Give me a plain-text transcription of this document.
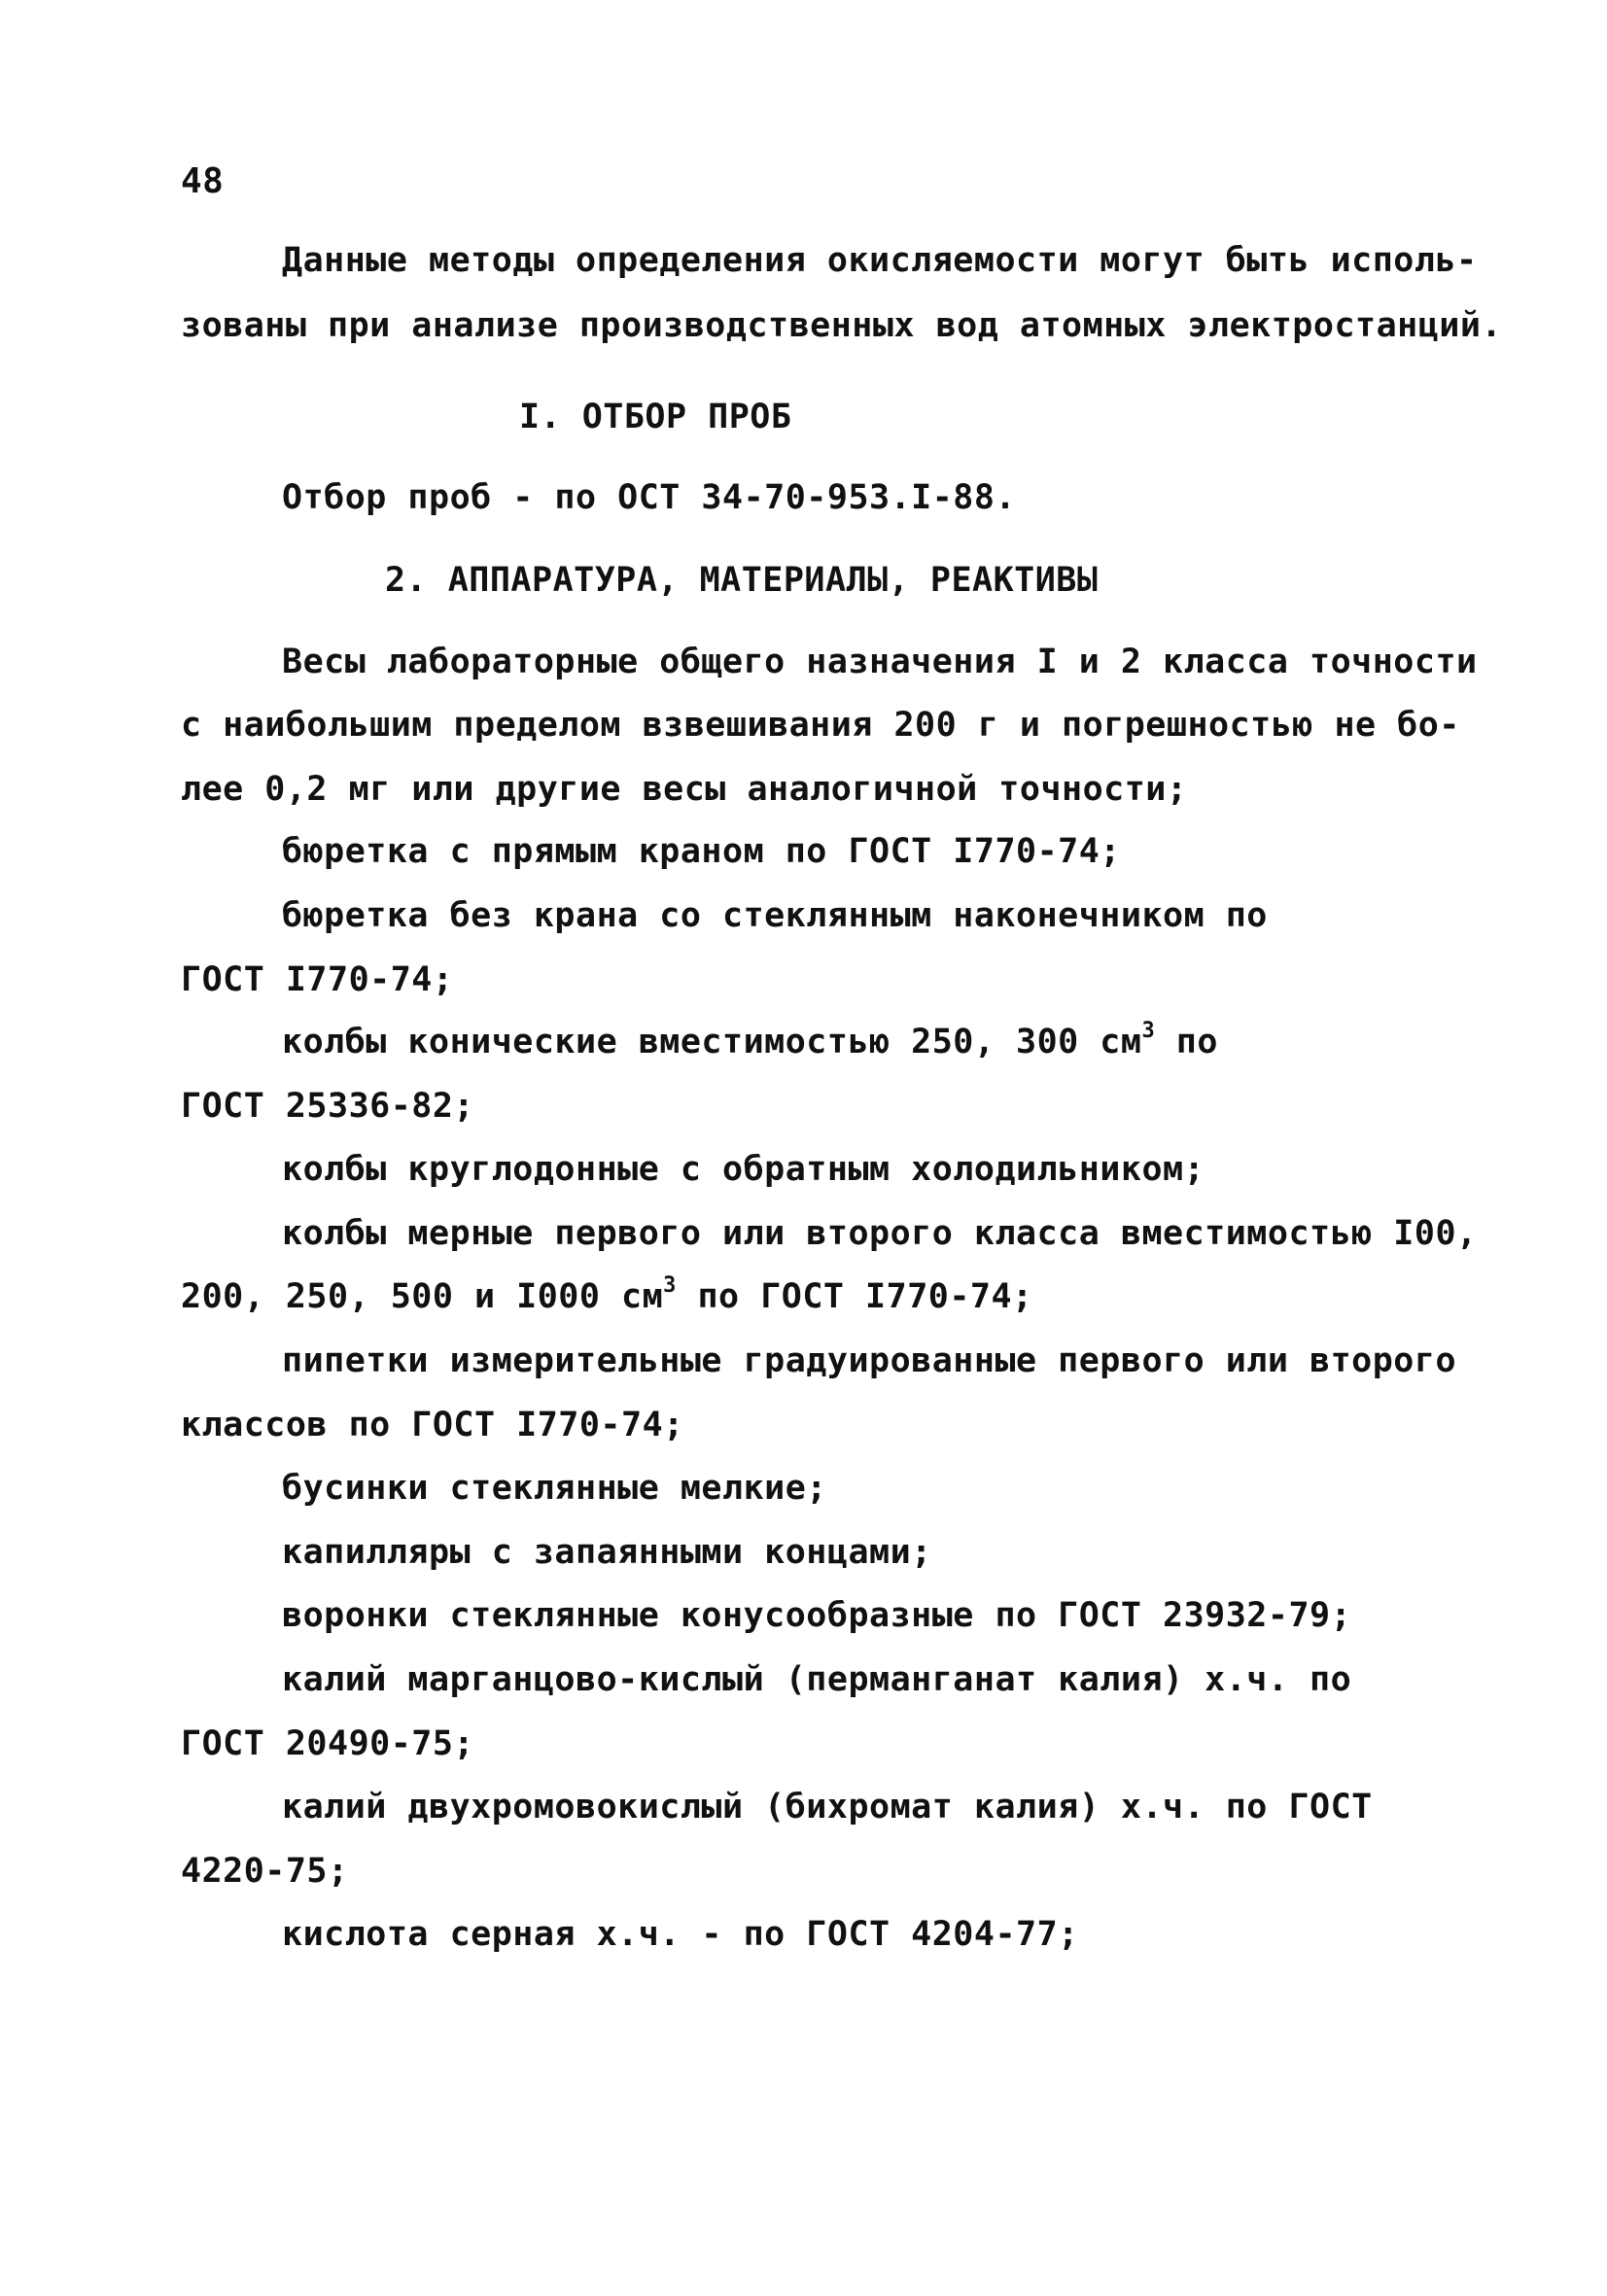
48
Данные методы определения окисляемости могут быть исполь-
зованы при анализе производственных вод атомных электростанций.
I. ОТБОР ПРОБ
Отбор проб - по ОСТ 34-70-953.I-88.
2. АППАРАТУРА, МАТЕРИАЛЫ, РЕАКТИВЫ
Весы лабораторные общего назначения I и 2 класса точности
с наибольшим пределом взвешивания 200 г и погрешностью не бо-
лее 0,2 мг или другие весы аналогичной точности;
бюретка с прямым краном по ГОСТ I770-74;
бюретка без крана со стеклянным наконечником по
ГОСТ I770-74;
колбы конические вместимостью 250, 300 $см^3$ по
ГОСТ 25336-82;
колбы круглодонные с обратным холодильником;
колбы мерные первого или второго класса вместимостью I00,
200, 250, 500 и I000 $см^3$ по ГОСТ I770-74;
пипетки измерительные градуированные первого или второго
классов по ГОСТ I770-74;
бусинки стеклянные мелкие;
капилляры с запаянными концами;
воронки стеклянные конусообразные по ГОСТ 23932-79;
калий марганцово-кислый (перманганат калия) х.ч. по
ГОСТ 20490-75;
калий двухромовокислый (бихромат калия) х.ч. по ГОСТ
4220-75;
кислота серная х.ч. - по ГОСТ 4204-77;
